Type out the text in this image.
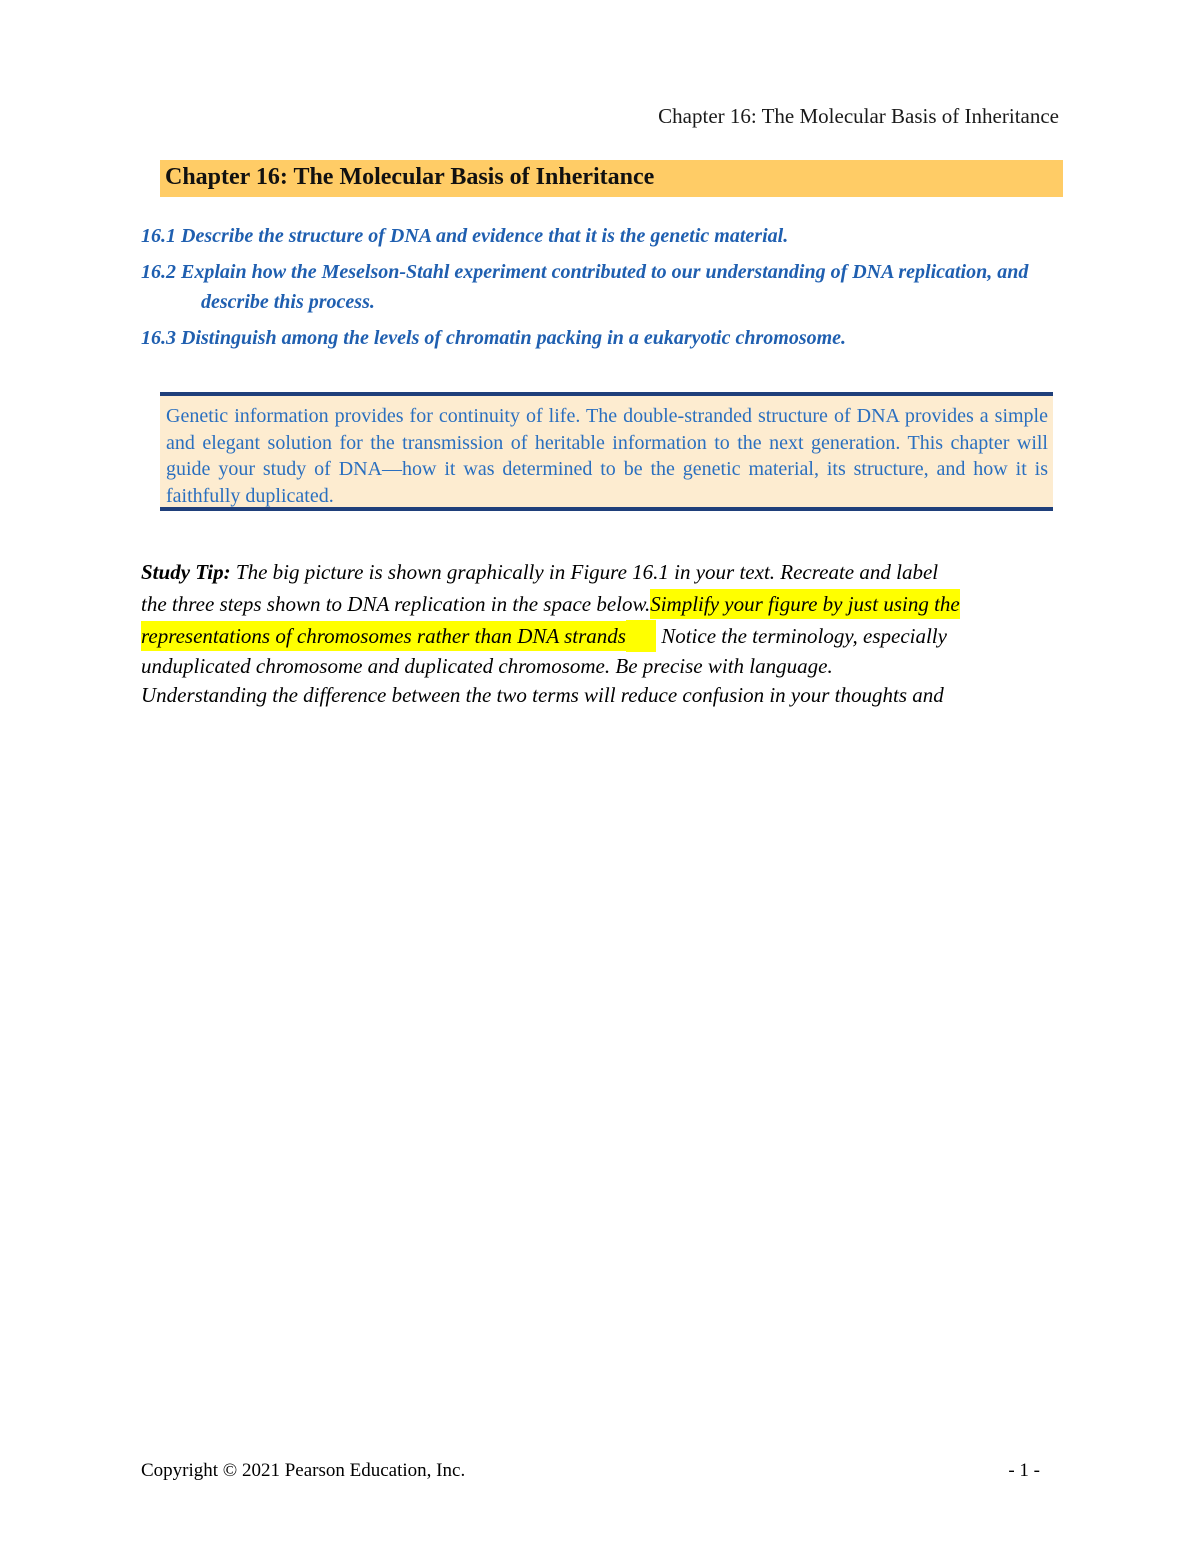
Chapter 16: The Molecular Basis of Inheritance
Chapter 16: The Molecular Basis of Inheritance
16.1 Describe the structure of DNA and evidence that it is the genetic material.
16.2 Explain how the Meselson-Stahl experiment contributed to our understanding of DNA replication, and describe this process.
16.3 Distinguish among the levels of chromatin packing in a eukaryotic chromosome.
Genetic information provides for continuity of life. The double-stranded structure of DNA provides a simple and elegant solution for the transmission of heritable information to the next generation. This chapter will guide your study of DNA—how it was determined to be the genetic material, its structure, and how it is faithfully duplicated.
Study Tip: The big picture is shown graphically in Figure 16.1 in your text. Recreate and label
the three steps shown to DNA replication in the space below.Simplify your figure by just using the
representations of chromosomes rather than DNA strands Notice the terminology, especially
unduplicated chromosome and duplicated chromosome. Be precise with language.
Understanding the difference between the two terms will reduce confusion in your thoughts and
Copyright © 2021 Pearson Education, Inc.	- 1 -
